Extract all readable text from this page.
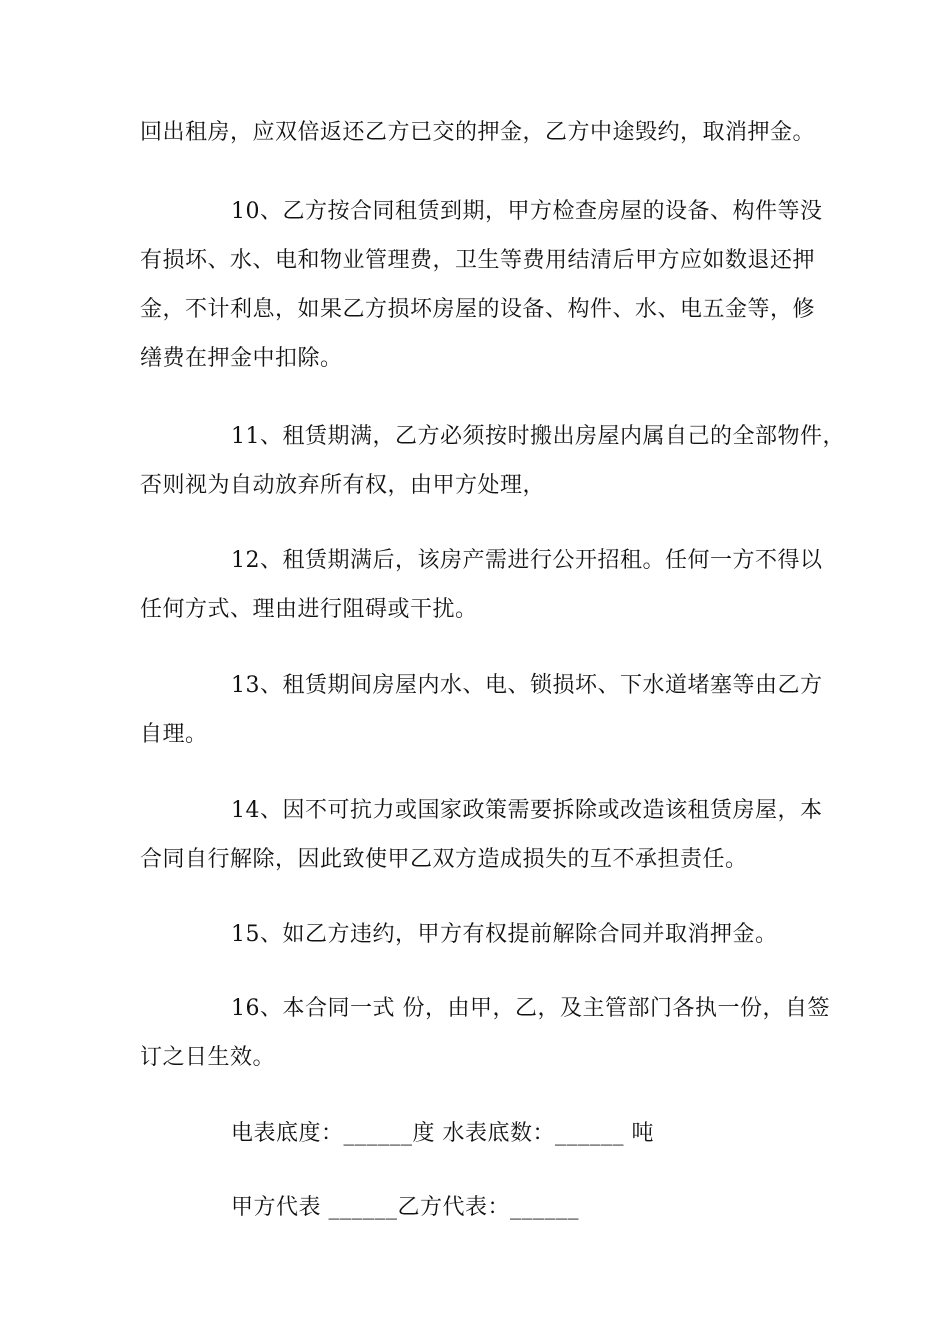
回出租房，应双倍返还乙方已交的押金，乙方中途毁约，取消押金。
10、乙方按合同租赁到期，甲方检查房屋的设备、构件等没
有损坏、水、电和物业管理费，卫生等费用结清后甲方应如数退还押
金，不计利息，如果乙方损坏房屋的设备、构件、水、电五金等，修
缮费在押金中扣除。
11、租赁期满，乙方必须按时搬出房屋内属自己的全部物件，
否则视为自动放弃所有权，由甲方处理，
12、租赁期满后，该房产需进行公开招租。任何一方不得以
任何方式、理由进行阻碍或干扰。
13、租赁期间房屋内水、电、锁损坏、下水道堵塞等由乙方
自理。
14、因不可抗力或国家政策需要拆除或改造该租赁房屋，本
合同自行解除，因此致使甲乙双方造成损失的互不承担责任。
15、如乙方违约，甲方有权提前解除合同并取消押金。
16、本合同一式 份，由甲，乙，及主管部门各执一份，自签
订之日生效。
电表底度：______度 水表底数：______ 吨
甲方代表 ______乙方代表：______
